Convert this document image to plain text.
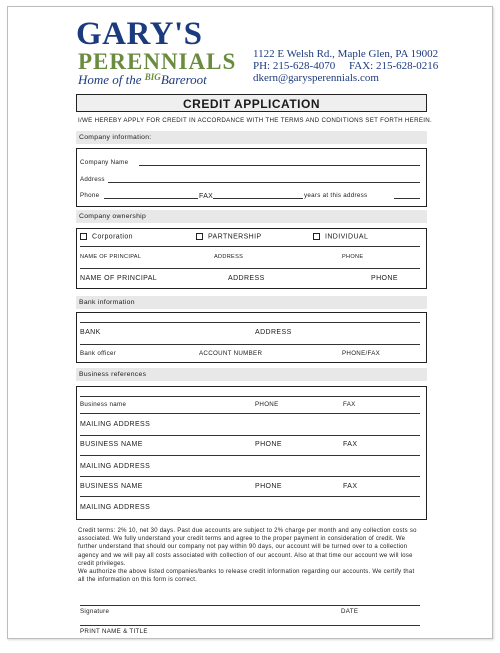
GARY'S
PERENNIALS
Home of the $^{BIG}$Bareroot
1122 E Welsh Rd., Maple Glen, PA 19002
PH: 215-628-4070     FAX: 215-628-0216
dkern@garysperennials.com
CREDIT APPLICATION
I/WE HEREBY APPLY FOR CREDIT IN ACCORDANCE WITH THE TERMS AND CONDITIONS SET FORTH HEREIN.
Company information:
Company Name
Address
Phone	FAX	years at this address
Company ownership
Corporation	PARTNERSHIP	INDIVIDUAL
NAME OF PRINCIPAL	ADDRESS	PHONE
NAME OF PRINCIPAL	ADDRESS	PHONE
Bank information
BANK	ADDRESS
Bank officer	ACCOUNT NUMBER	PHONE/FAX
Business references
Business name	PHONE	FAX
MAILING ADDRESS
BUSINESS NAME	PHONE	FAX
MAILING ADDRESS
BUSINESS NAME	PHONE	FAX
MAILING ADDRESS

Credit terms: 2% 10, net 30 days. Past due accounts are subject to 2% charge per month and any collection costs so associated. We fully understand your credit terms and agree to the proper payment in consideration of credit. We further understand that should our company not pay within 90 days, our account will be turned over to a collection agency and we will pay all costs associated with collection of our account. Also at that time our account we will lose credit privileges.

We authorize the above listed companies/banks to release credit information regarding our accounts. We certify that all the information on this form is correct.

Signature	DATE
PRINT NAME & TITLE
